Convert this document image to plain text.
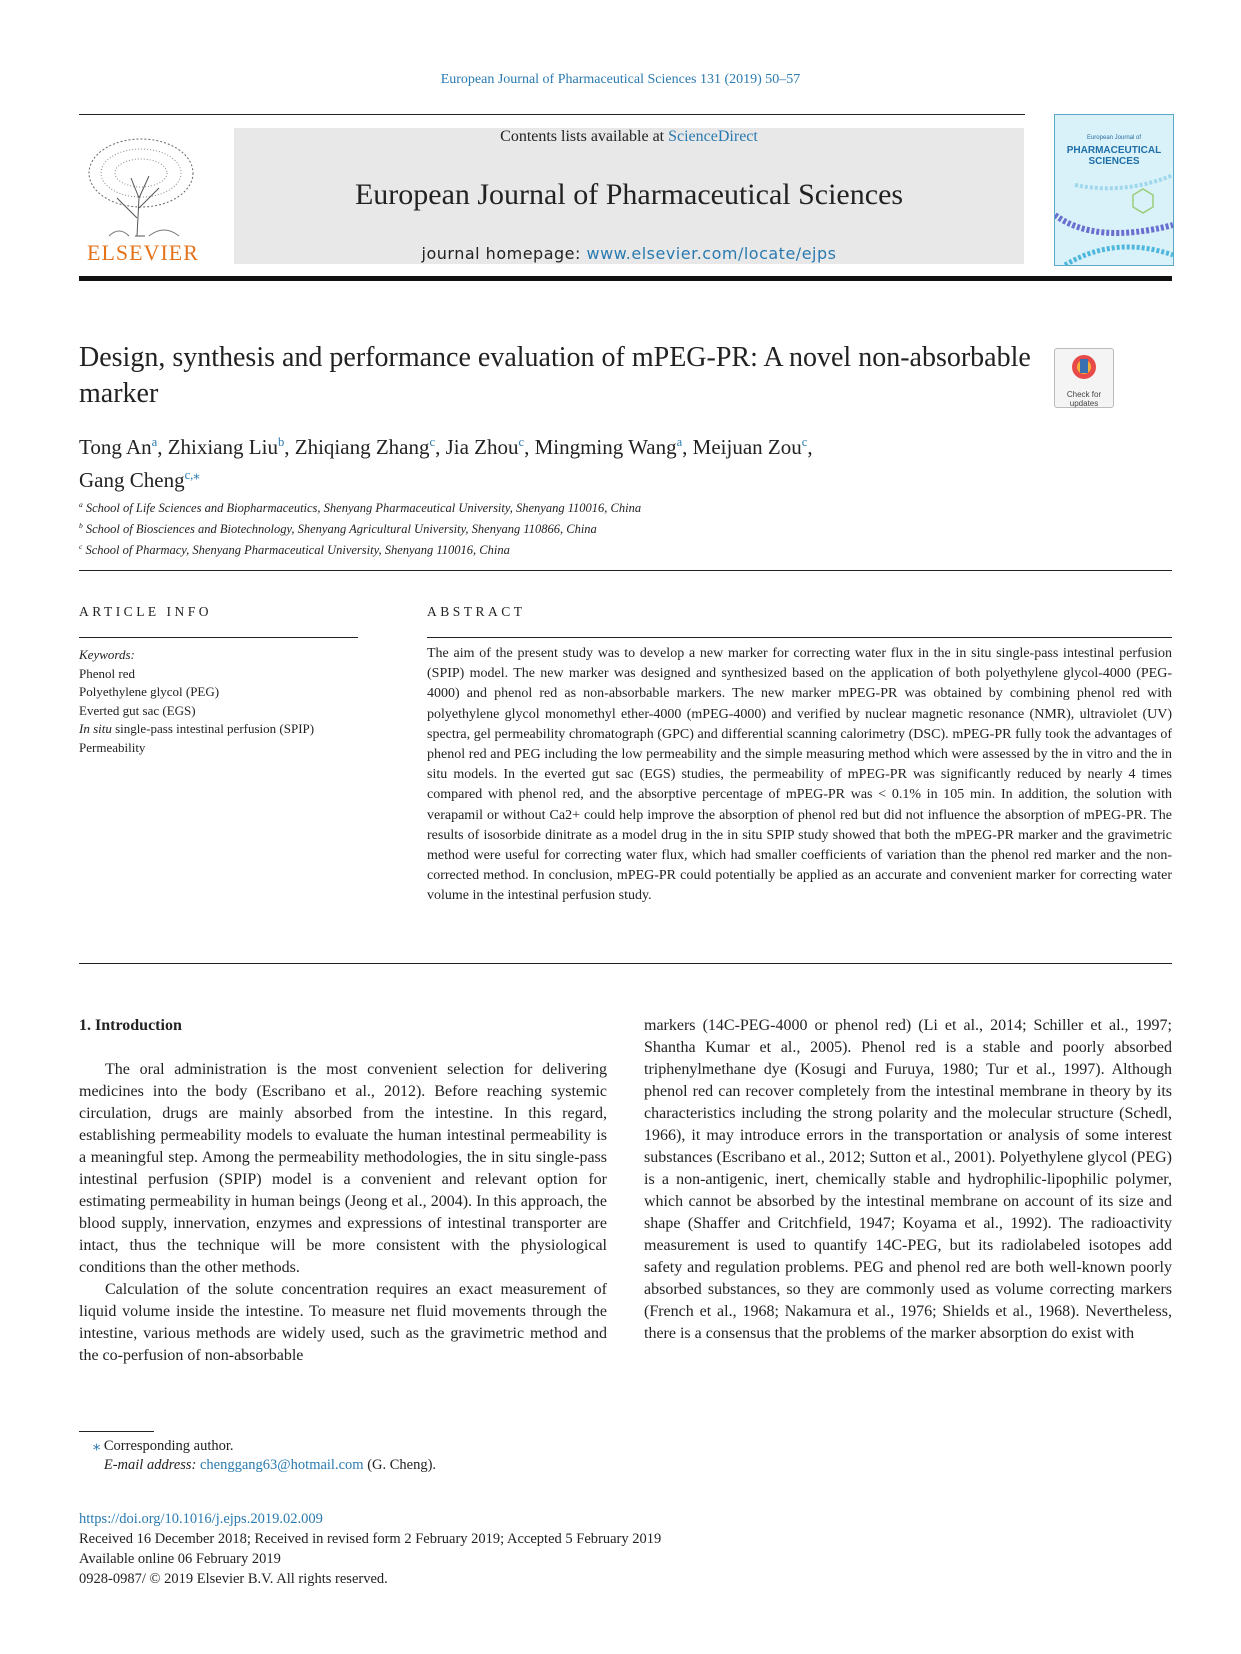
European Journal of Pharmaceutical Sciences 131 (2019) 50–57
ELSEVIER
Contents lists available at ScienceDirect
European Journal of Pharmaceutical Sciences
journal homepage: www.elsevier.com/locate/ejps
European Journal of
PHARMACEUTICAL
SCIENCES
Design, synthesis and performance evaluation of mPEG-PR: A novel non-absorbable marker	Check for
updates
Tong An$^a$, Zhixiang Liu$^b$, Zhiqiang Zhang$^c$, Jia Zhou$^c$, Mingming Wang$^a$, Meijuan Zou$^c$,
Gang Cheng$^{c,⁎}$
$^a$ School of Life Sciences and Biopharmaceutics, Shenyang Pharmaceutical University, Shenyang 110016, China
$^b$ School of Biosciences and Biotechnology, Shenyang Agricultural University, Shenyang 110866, China
$^c$ School of Pharmacy, Shenyang Pharmaceutical University, Shenyang 110016, China
ARTICLE INFO	ABSTRACT
Keywords:
Phenol red
Polyethylene glycol (PEG)
Everted gut sac (EGS)
In situ single-pass intestinal perfusion (SPIP)
Permeability
The aim of the present study was to develop a new marker for correcting water flux in the in situ single-pass intestinal perfusion (SPIP) model. The new marker was designed and synthesized based on the application of both polyethylene glycol-4000 (PEG-4000) and phenol red as non-absorbable markers. The new marker mPEG-PR was obtained by combining phenol red with polyethylene glycol monomethyl ether-4000 (mPEG-4000) and verified by nuclear magnetic resonance (NMR), ultraviolet (UV) spectra, gel permeability chromatograph (GPC) and differential scanning calorimetry (DSC). mPEG-PR fully took the advantages of phenol red and PEG including the low permeability and the simple measuring method which were assessed by the in vitro and the in situ models. In the everted gut sac (EGS) studies, the permeability of mPEG-PR was significantly reduced by nearly 4 times compared with phenol red, and the absorptive percentage of mPEG-PR was < 0.1% in 105 min. In addition, the solution with verapamil or without Ca2+ could help improve the absorption of phenol red but did not influence the absorption of mPEG-PR. The results of isosorbide dinitrate as a model drug in the in situ SPIP study showed that both the mPEG-PR marker and the gravimetric method were useful for correcting water flux, which had smaller coefficients of variation than the phenol red marker and the non-corrected method. In conclusion, mPEG-PR could potentially be applied as an accurate and convenient marker for correcting water volume in the intestinal perfusion study.
1. Introduction

The oral administration is the most convenient selection for delivering medicines into the body (Escribano et al., 2012). Before reaching systemic circulation, drugs are mainly absorbed from the intestine. In this regard, establishing permeability models to evaluate the human intestinal permeability is a meaningful step. Among the permeability methodologies, the in situ single-pass intestinal perfusion (SPIP) model is a convenient and relevant option for estimating permeability in human beings (Jeong et al., 2004). In this approach, the blood supply, innervation, enzymes and expressions of intestinal transporter are intact, thus the technique will be more consistent with the physiological conditions than the other methods.

Calculation of the solute concentration requires an exact measurement of liquid volume inside the intestine. To measure net fluid movements through the intestine, various methods are widely used, such as the gravimetric method and the co-perfusion of non-absorbable

markers (14C-PEG-4000 or phenol red) (Li et al., 2014; Schiller et al., 1997; Shantha Kumar et al., 2005). Phenol red is a stable and poorly absorbed triphenylmethane dye (Kosugi and Furuya, 1980; Tur et al., 1997). Although phenol red can recover completely from the intestinal membrane in theory by its characteristics including the strong polarity and the molecular structure (Schedl, 1966), it may introduce errors in the transportation or analysis of some interest substances (Escribano et al., 2012; Sutton et al., 2001). Polyethylene glycol (PEG) is a non-antigenic, inert, chemically stable and hydrophilic-lipophilic polymer, which cannot be absorbed by the intestinal membrane on account of its size and shape (Shaffer and Critchfield, 1947; Koyama et al., 1992). The radioactivity measurement is used to quantify 14C-PEG, but its radiolabeled isotopes add safety and regulation problems. PEG and phenol red are both well-known poorly absorbed substances, so they are commonly used as volume correcting markers (French et al., 1968; Nakamura et al., 1976; Shields et al., 1968). Nevertheless, there is a consensus that the problems of the marker absorption do exist with

⁎ Corresponding author.
E-mail address: chenggang63@hotmail.com (G. Cheng).
https://doi.org/10.1016/j.ejps.2019.02.009
Received 16 December 2018; Received in revised form 2 February 2019; Accepted 5 February 2019
Available online 06 February 2019
0928-0987/ © 2019 Elsevier B.V. All rights reserved.
